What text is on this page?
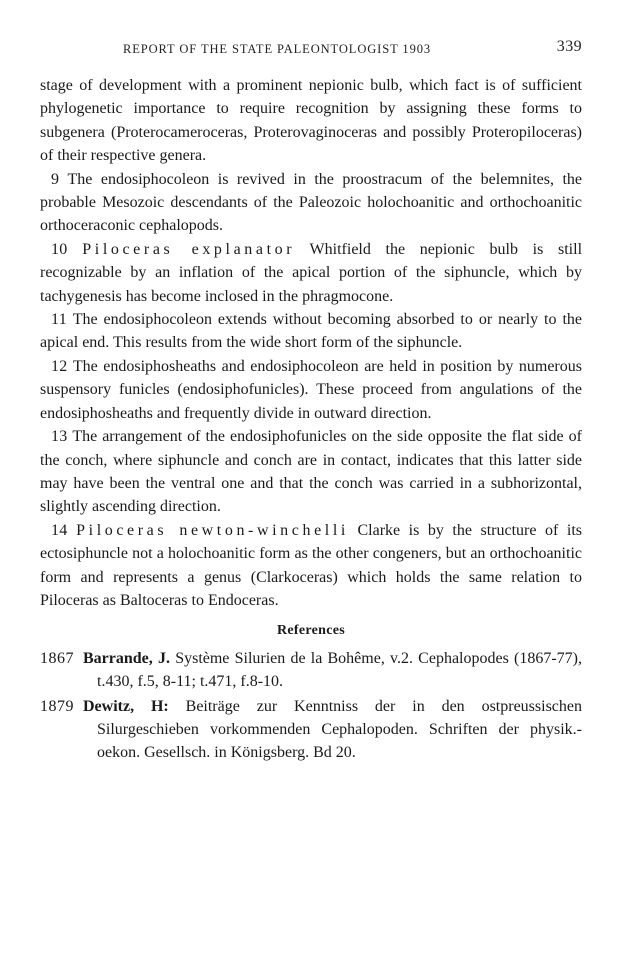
REPORT OF THE STATE PALEONTOLOGIST 1903	339

stage of development with a prominent nepionic bulb, which fact is of sufficient phylogenetic importance to require recognition by assigning these forms to subgenera (Proterocameroceras, Proterovaginoceras and possibly Proteropiloceras) of their respective genera.

9 The endosiphocoleon is revived in the proostracum of the belemnites, the probable Mesozoic descendants of the Paleozoic holochoanitic and orthochoanitic orthoceraconic cephalopods.

10 Piloceras explanator Whitfield the nepionic bulb is still recognizable by an inflation of the apical portion of the siphuncle, which by tachygenesis has become inclosed in the phragmocone.

11 The endosiphocoleon extends without becoming absorbed to or nearly to the apical end. This results from the wide short form of the siphuncle.

12 The endosiphosheaths and endosiphocoleon are held in position by numerous suspensory funicles (endosiphofunicles). These proceed from angulations of the endosiphosheaths and frequently divide in outward direction.

13 The arrangement of the endosiphofunicles on the side opposite the flat side of the conch, where siphuncle and conch are in contact, indicates that this latter side may have been the ventral one and that the conch was carried in a subhorizontal, slightly ascending direction.

14 Piloceras newton-winchelli Clarke is by the structure of its ectosiphuncle not a holochoanitic form as the other congeners, but an orthochoanitic form and represents a genus (Clarkoceras) which holds the same relation to Piloceras as Baltoceras to Endoceras.

References

1867 Barrande, J. Système Silurien de la Bohême, v.2. Cephalopodes (1867-77), t.430, f.5, 8-11; t.471, f.8-10.

1879 Dewitz, H: Beiträge zur Kenntniss der in den ostpreussischen Silurgeschieben vorkommenden Cephalopoden. Schriften der physik.-oekon. Gesellsch. in Königsberg. Bd 20.
